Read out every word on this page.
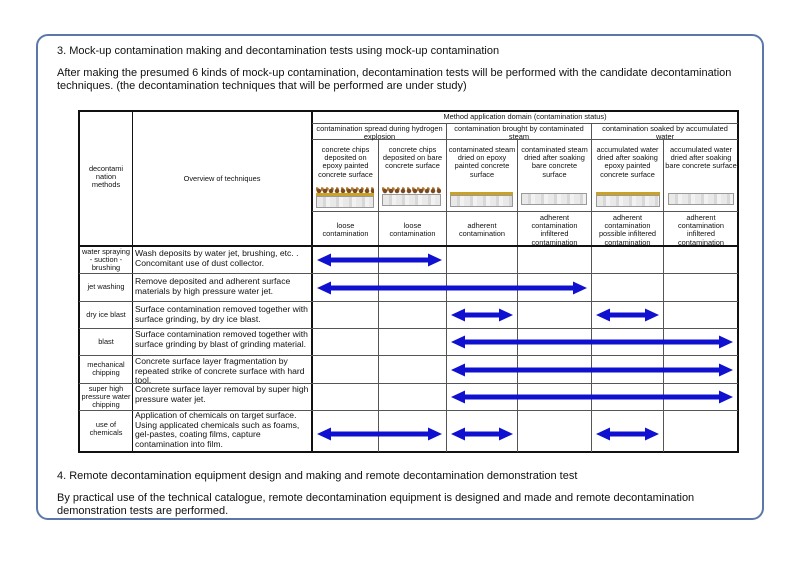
3. Mock-up contamination making and decontamination tests using mock-up contamination
After making the presumed 6 kinds of mock-up contamination, decontamination tests will be performed with the candidate decontamination techniques. (the decontamination techniques that will be performed are under study)
decontami nation methods
Overview of techniques
Method application domain (contamination status)
contamination spread during hydrogen explosion
contamination brought by contaminated steam
contamination soaked by accumulated water
concrete chips deposited on epoxy painted concrete surface
concrete chips deposited on bare concrete surface
contaminated steam dried on epoxy painted concrete surface
contaminated steam dried after soaking bare concrete surface
accumulated water dried after soaking epoxy painted concrete surface
accumulated water dried after soaking bare concrete surface
loose contamination
loose contamination
adherent contamination
adherent contamination infiltered contamination
adherent contamination possible infiltered contamination
adherent contamination infiltered contamination
water spraying - suction - brushing
jet washing
dry ice blast
blast
mechanical chipping
super high pressure water chipping
use of chemicals
Wash deposits by water jet, brushing, etc. . Concomitant use of dust collector.
Remove deposited and adherent surface materials by high pressure water jet.
Surface contamination removed together with surface grinding, by dry ice blast.
Surface contamination removed together with surface grinding by blast of grinding material.
Concrete surface layer fragmentation by repeated strike of concrete surface with hard tool.
Concrete surface layer removal by super high pressure water jet.
Application of chemicals on target surface. Using applicated chemicals such as foams, gel-pastes, coating films, capture contamination into film.
4. Remote decontamination equipment design and making and remote decontamination demonstration test
By practical use of the technical catalogue, remote decontamination equipment is designed and made and remote decontamination demonstration tests are performed.
